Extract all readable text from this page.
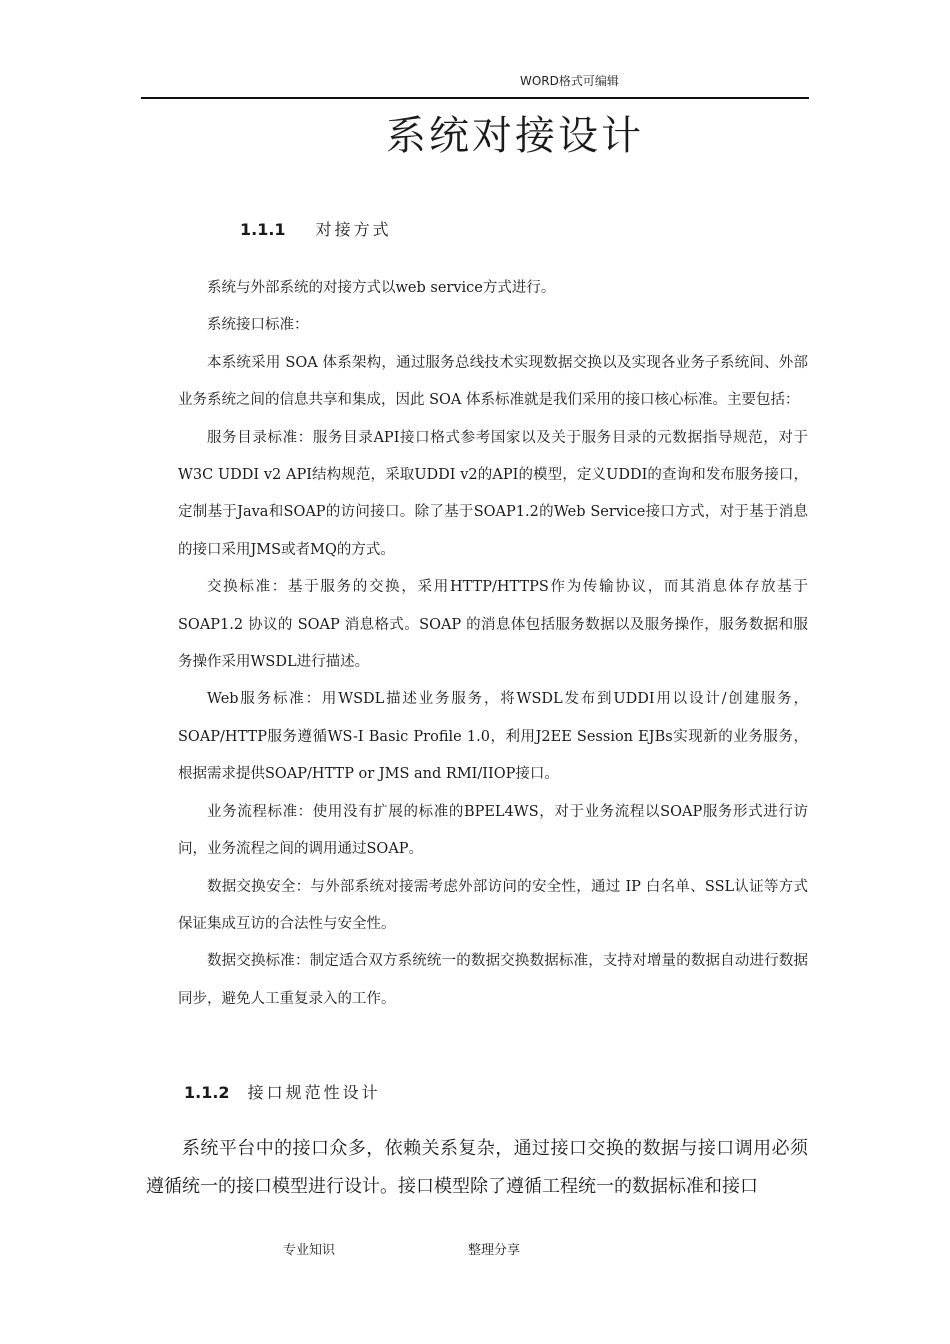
WORD格式可编辑
系统对接设计
1.1.1 对接方式

系统与外部系统的对接方式以web service方式进行。

系统接口标准：

本系统采用 SOA 体系架构，通过服务总线技术实现数据交换以及实现各业务子系统间、外部业务系统之间的信息共享和集成，因此 SOA 体系标准就是我们采用的接口核心标准。主要包括：

服务目录标准：服务目录API接口格式参考国家以及关于服务目录的元数据指导规范，对于W3C UDDI v2 API结构规范，采取UDDI v2的API的模型，定义UDDI的查询和发布服务接口，定制基于Java和SOAP的访问接口。除了基于SOAP1.2的Web Service接口方式，对于基于消息的接口采用JMS或者MQ的方式。

交换标准：基于服务的交换，采用HTTP/HTTPS作为传输协议，而其消息体存放基于 SOAP1.2 协议的 SOAP 消息格式。SOAP 的消息体包括服务数据以及服务操作，服务数据和服务操作采用WSDL进行描述。

Web服务标准：用WSDL描述业务服务，将WSDL发布到UDDI用以设计/创建服务，SOAP/HTTP服务遵循WS-I Basic Profile 1.0，利用J2EE Session EJBs实现新的业务服务，根据需求提供SOAP/HTTP or JMS and RMI/IIOP接口。

业务流程标准：使用没有扩展的标准的BPEL4WS，对于业务流程以SOAP服务形式进行访问，业务流程之间的调用通过SOAP。

数据交换安全：与外部系统对接需考虑外部访问的安全性，通过 IP 白名单、SSL认证等方式保证集成互访的合法性与安全性。

数据交换标准：制定适合双方系统统一的数据交换数据标准，支持对增量的数据自动进行数据同步，避免人工重复录入的工作。

1.1.2 接口规范性设计

系统平台中的接口众多，依赖关系复杂，通过接口交换的数据与接口调用必须遵循统一的接口模型进行设计。接口模型除了遵循工程统一的数据标准和接口

专业知识	整理分享
